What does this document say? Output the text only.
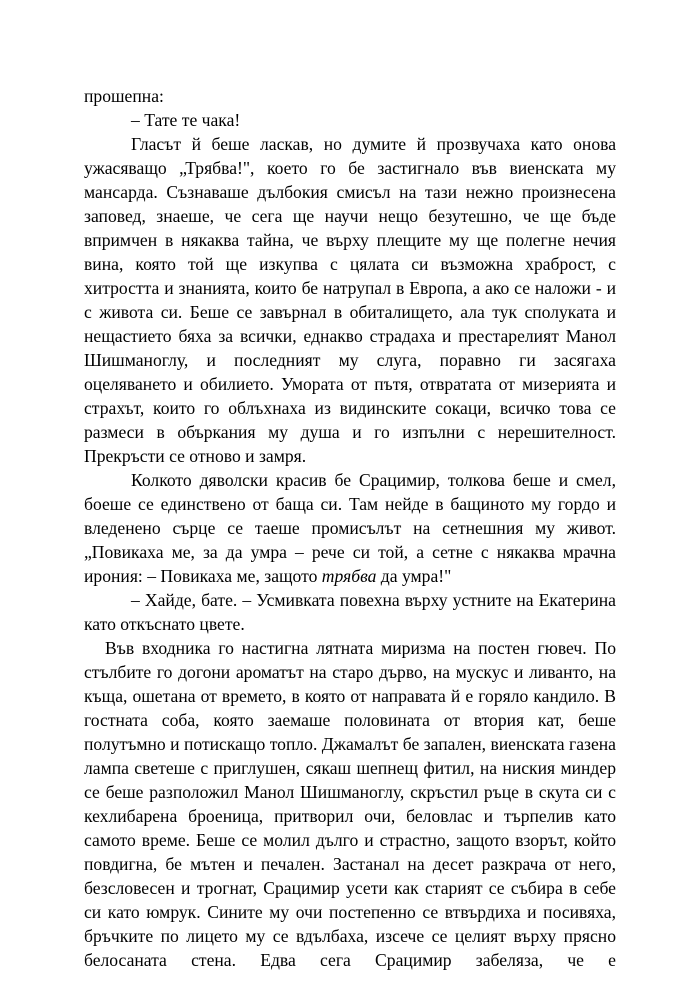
прошепна:

– Тате те чака!

Гласът й беше ласкав, но думите й прозвучаха като онова ужасяващо „Трябва!", което го бе застигнало във виенската му мансарда. Съзнаваше дълбокия смисъл на тази нежно произнесена заповед, знаеше, че сега ще научи нещо безутешно, че ще бъде впримчен в някаква тайна, че върху плещите му ще полегне нечия вина, която той ще изкупва с цялата си възможна храброст, с хитростта и знанията, които бе натрупал в Европа, а ако се наложи - и с живота си. Беше се завърнал в обиталището, ала тук сполуката и нещастието бяха за всички, еднакво страдаха и престарелият Манол Шишманоглу, и последният му слуга, поравно ги засягаха оцеляването и обилието. Умората от пътя, отвратата от мизерията и страхът, които го облъхнаха из видинските сокаци, всичко това се размеси в объркания му душа и го изпълни с нерешителност. Прекръсти се отново и замря.

Колкото дяволски красив бе Срацимир, толкова беше и смел, боеше се единствено от баща си. Там нейде в бащиното му гордо и вледенено сърце се таеше промисълът на сетнешния му живот. „Повикаха ме, за да умра – рече си той, а сетне с някаква мрачна ирония: – Повикаха ме, защото трябва да умра!"

– Хайде, бате. – Усмивката повехна върху устните на Екатерина като откъснато цвете.

Във входника го настигна лятната миризма на постен гювеч. По стълбите го догони ароматът на старо дърво, на мускус и ливанто, на къща, ошетана от времето, в която от направата й е горяло кандило. В гостната соба, която заемаше половината от втория кат, беше полутъмно и потискащо топло. Джамалът бе запален, виенската газена лампа светеше с приглушен, сякаш шепнещ фитил, на ниския миндер се беше разположил Манол Шишманоглу, скръстил ръце в скута си с кехлибарена броеница, притворил очи, беловлас и търпелив като самото време. Беше се молил дълго и страстно, защото взорът, който повдигна, бе мътен и печален. Застанал на десет разкрача от него, безсловесен и трогнат, Срацимир усети как старият се събира в себе си като юмрук. Сините му очи постепенно се втвърдиха и посивяха, бръчките по лицето му се вдълбаха, изсече се целият върху прясно белосаната стена. Едва сега Срацимир забеляза, че е
